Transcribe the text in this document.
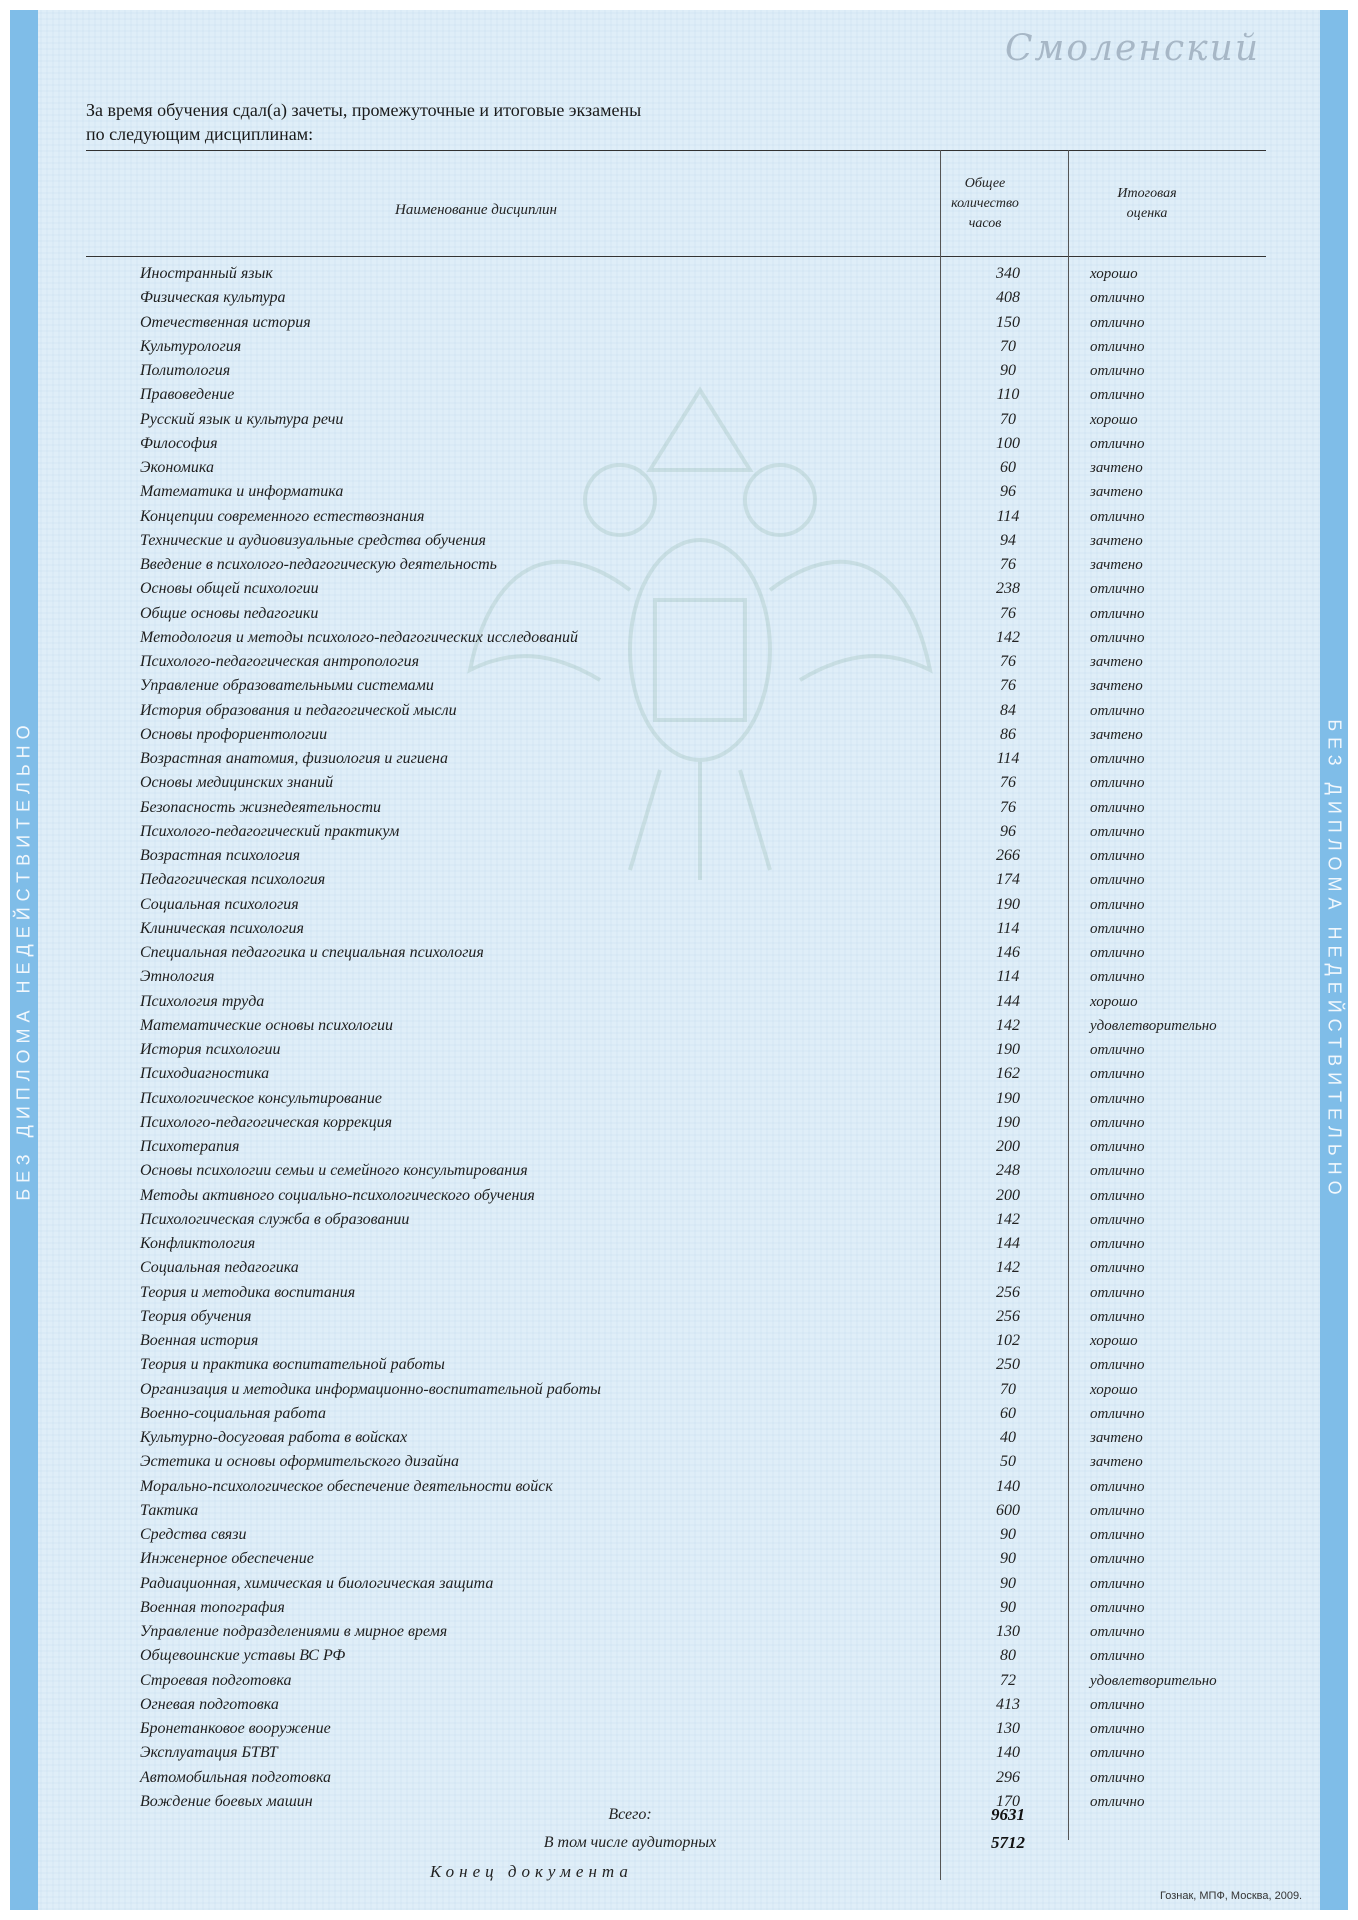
БЕЗ ДИПЛОМА НЕДЕЙСТВИТЕЛЬНО	БЕЗ ДИПЛОМА НЕДЕЙСТВИТЕЛЬНО
Смоленский
За время обучения сдал(а) зачеты, промежуточные и итоговые экзамены
по следующим дисциплинам:
Наименование дисциплин
Общее
количество
часов
Итоговая
оценка
Иностранный язык	340	хорошо
Физическая культура	408	отлично
Отечественная история	150	отлично
Культурология	70	отлично
Политология	90	отлично
Правоведение	110	отлично
Русский язык и культура речи	70	хорошо
Философия	100	отлично
Экономика	60	зачтено
Математика и информатика	96	зачтено
Концепции современного естествознания	114	отлично
Технические и аудиовизуальные средства обучения	94	зачтено
Введение в психолого-педагогическую деятельность	76	зачтено
Основы общей психологии	238	отлично
Общие основы педагогики	76	отлично
Методология и методы психолого-педагогических исследований	142	отлично
Психолого-педагогическая антропология	76	зачтено
Управление образовательными системами	76	зачтено
История образования и педагогической мысли	84	отлично
Основы профориентологии	86	зачтено
Возрастная анатомия, физиология и гигиена	114	отлично
Основы медицинских знаний	76	отлично
Безопасность жизнедеятельности	76	отлично
Психолого-педагогический практикум	96	отлично
Возрастная психология	266	отлично
Педагогическая психология	174	отлично
Социальная психология	190	отлично
Клиническая психология	114	отлично
Специальная педагогика и специальная психология	146	отлично
Этнология	114	отлично
Психология труда	144	хорошо
Математические основы психологии	142	удовлетворительно
История психологии	190	отлично
Психодиагностика	162	отлично
Психологическое консультирование	190	отлично
Психолого-педагогическая коррекция	190	отлично
Психотерапия	200	отлично
Основы психологии семьи и семейного консультирования	248	отлично
Методы активного социально-психологического обучения	200	отлично
Психологическая служба в образовании	142	отлично
Конфликтология	144	отлично
Социальная педагогика	142	отлично
Теория и методика воспитания	256	отлично
Теория обучения	256	отлично
Военная история	102	хорошо
Теория и практика воспитательной работы	250	отлично
Организация и методика информационно-воспитательной работы	70	хорошо
Военно-социальная работа	60	отлично
Культурно-досуговая работа в войсках	40	зачтено
Эстетика и основы оформительского дизайна	50	зачтено
Морально-психологическое обеспечение деятельности войск	140	отлично
Тактика	600	отлично
Средства связи	90	отлично
Инженерное обеспечение	90	отлично
Радиационная, химическая и биологическая защита	90	отлично
Военная топография	90	отлично
Управление подразделениями в мирное время	130	отлично
Общевоинские уставы ВС РФ	80	отлично
Строевая подготовка	72	удовлетворительно
Огневая подготовка	413	отлично
Бронетанковое вооружение	130	отлично
Эксплуатация БТВТ	140	отлично
Автомобильная подготовка	296	отлично
Вождение боевых машин	170	отлично
Всего:	9631
В том числе аудиторных	5712
Конец документа
Гознак, МПФ, Москва, 2009.
